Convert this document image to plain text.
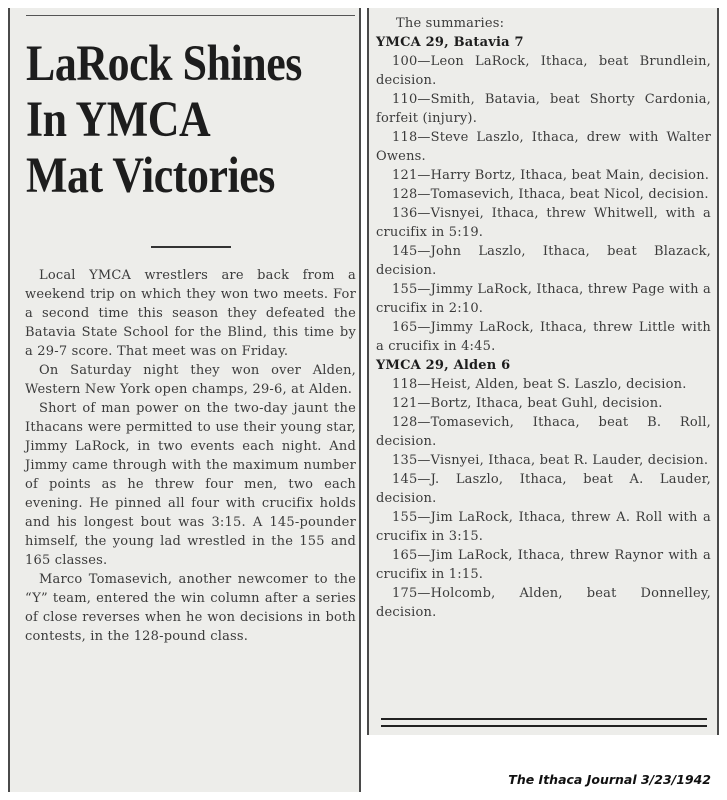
LaRock Shines
In YMCA
Mat Victories

Local YMCA wrestlers are back from a weekend trip on which they won two meets. For a second time this season they defeated the Batavia State School for the Blind, this time by a 29-7 score. That meet was on Friday.

On Saturday night they won over Alden, Western New York open champs, 29-6, at Alden.

Short of man power on the two-day jaunt the Ithacans were permitted to use their young star, Jimmy LaRock, in two events each night. And Jimmy came through with the maximum number of points as he threw four men, two each evening. He pinned all four with crucifix holds and his longest bout was 3:15. A 145-pounder himself, the young lad wrestled in the 155 and 165 classes.

Marco Tomasevich, another newcomer to the “Y” team, entered the win column after a series of close reverses when he won decisions in both contests, in the 128-pound class.

The summaries:

YMCA 29, Batavia 7

100—Leon LaRock, Ithaca, beat Brundlein, decision.

110—Smith, Batavia, beat Shorty Cardonia, forfeit (injury).

118—Steve Laszlo, Ithaca, drew with Walter Owens.

121—Harry Bortz, Ithaca, beat Main, decision.

128—Tomasevich, Ithaca, beat Nicol, decision.

136—Visnyei, Ithaca, threw Whitwell, with a crucifix in 5:19.

145—John Laszlo, Ithaca, beat Blazack, decision.

155—Jimmy LaRock, Ithaca, threw Page with a crucifix in 2:10.

165—Jimmy LaRock, Ithaca, threw Little with a crucifix in 4:45.

YMCA 29, Alden 6

118—Heist, Alden, beat S. Laszlo, decision.

121—Bortz, Ithaca, beat Guhl, decision.

128—Tomasevich, Ithaca, beat B. Roll, decision.

135—Visnyei, Ithaca, beat R. Lauder, decision.

145—J. Laszlo, Ithaca, beat A. Lauder, decision.

155—Jim LaRock, Ithaca, threw A. Roll with a crucifix in 3:15.

165—Jim LaRock, Ithaca, threw Raynor with a crucifix in 1:15.

175—Holcomb, Alden, beat Donnelley, decision.

The Ithaca Journal 3/23/1942
